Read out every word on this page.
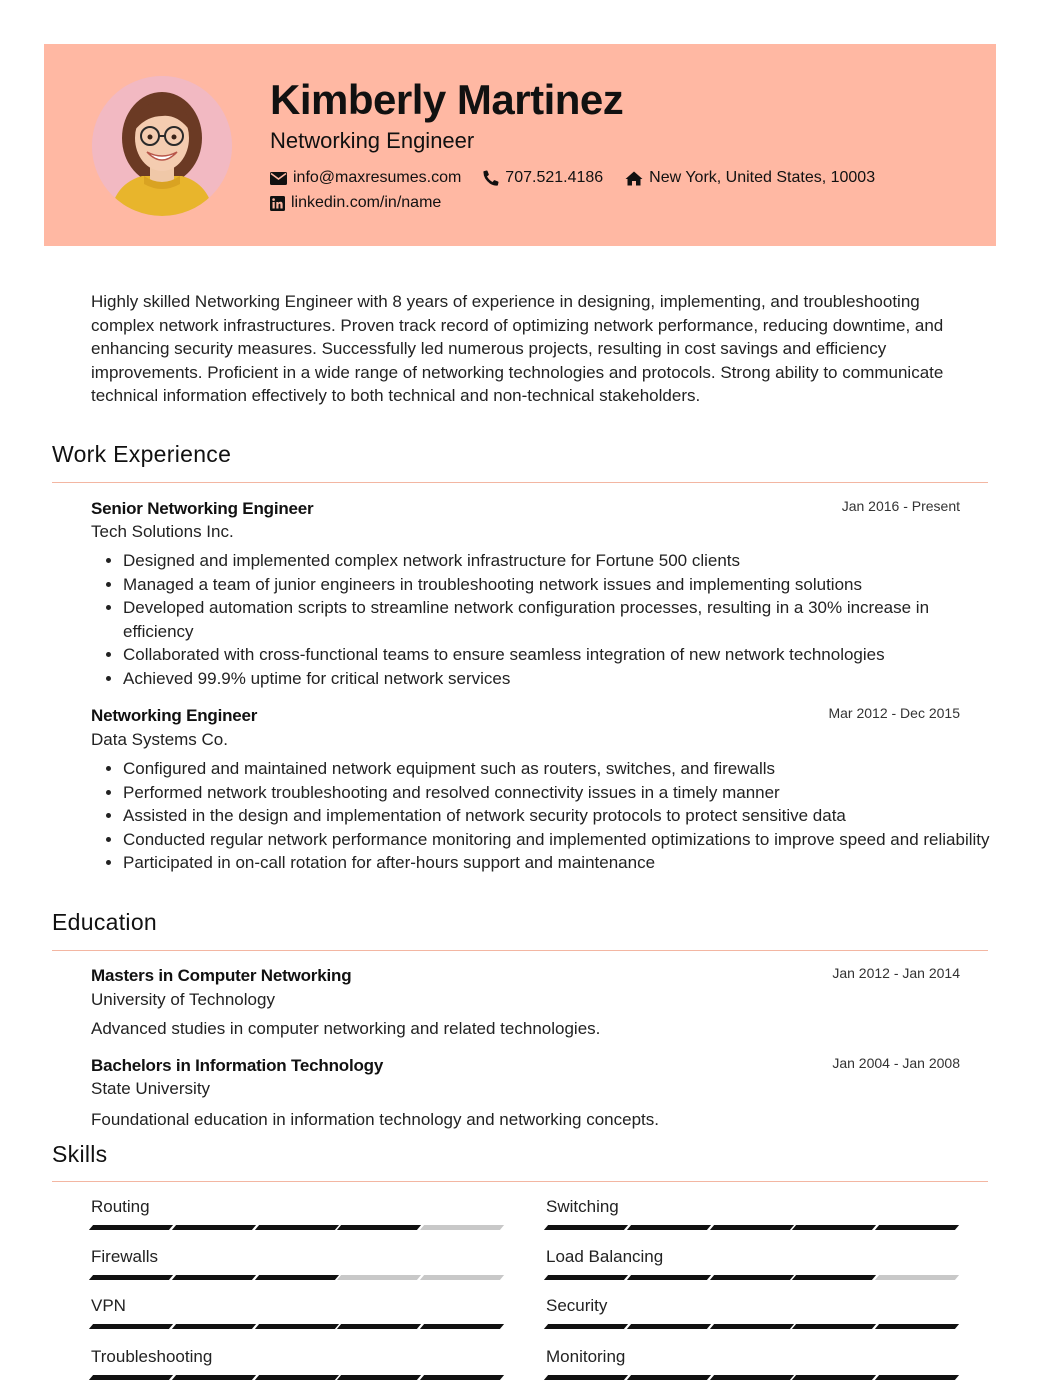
Kimberly Martinez
Networking Engineer
info@maxresumes.com	707.521.4186	New York, United States, 10003
linkedin.com/in/name
Highly skilled Networking Engineer with 8 years of experience in designing, implementing, and troubleshooting complex network infrastructures. Proven track record of optimizing network performance, reducing downtime, and enhancing security measures. Successfully led numerous projects, resulting in cost savings and efficiency improvements. Proficient in a wide range of networking technologies and protocols. Strong ability to communicate technical information effectively to both technical and non-technical stakeholders.
Work Experience
Senior Networking Engineer	Jan 2016 - Present
Tech Solutions Inc.
• Designed and implemented complex network infrastructure for Fortune 500 clients
• Managed a team of junior engineers in troubleshooting network issues and implementing solutions
• Developed automation scripts to streamline network configuration processes, resulting in a 30% increase in efficiency
• Collaborated with cross-functional teams to ensure seamless integration of new network technologies
• Achieved 99.9% uptime for critical network services
Networking Engineer	Mar 2012 - Dec 2015
Data Systems Co.
• Configured and maintained network equipment such as routers, switches, and firewalls
• Performed network troubleshooting and resolved connectivity issues in a timely manner
• Assisted in the design and implementation of network security protocols to protect sensitive data
• Conducted regular network performance monitoring and implemented optimizations to improve speed and reliability
• Participated in on-call rotation for after-hours support and maintenance
Education
Masters in Computer Networking	Jan 2012 - Jan 2014
University of Technology
Advanced studies in computer networking and related technologies.
Bachelors in Information Technology	Jan 2004 - Jan 2008
State University
Foundational education in information technology and networking concepts.
Skills
Routing	Switching
Firewalls	Load Balancing
VPN	Security
Troubleshooting	Monitoring
